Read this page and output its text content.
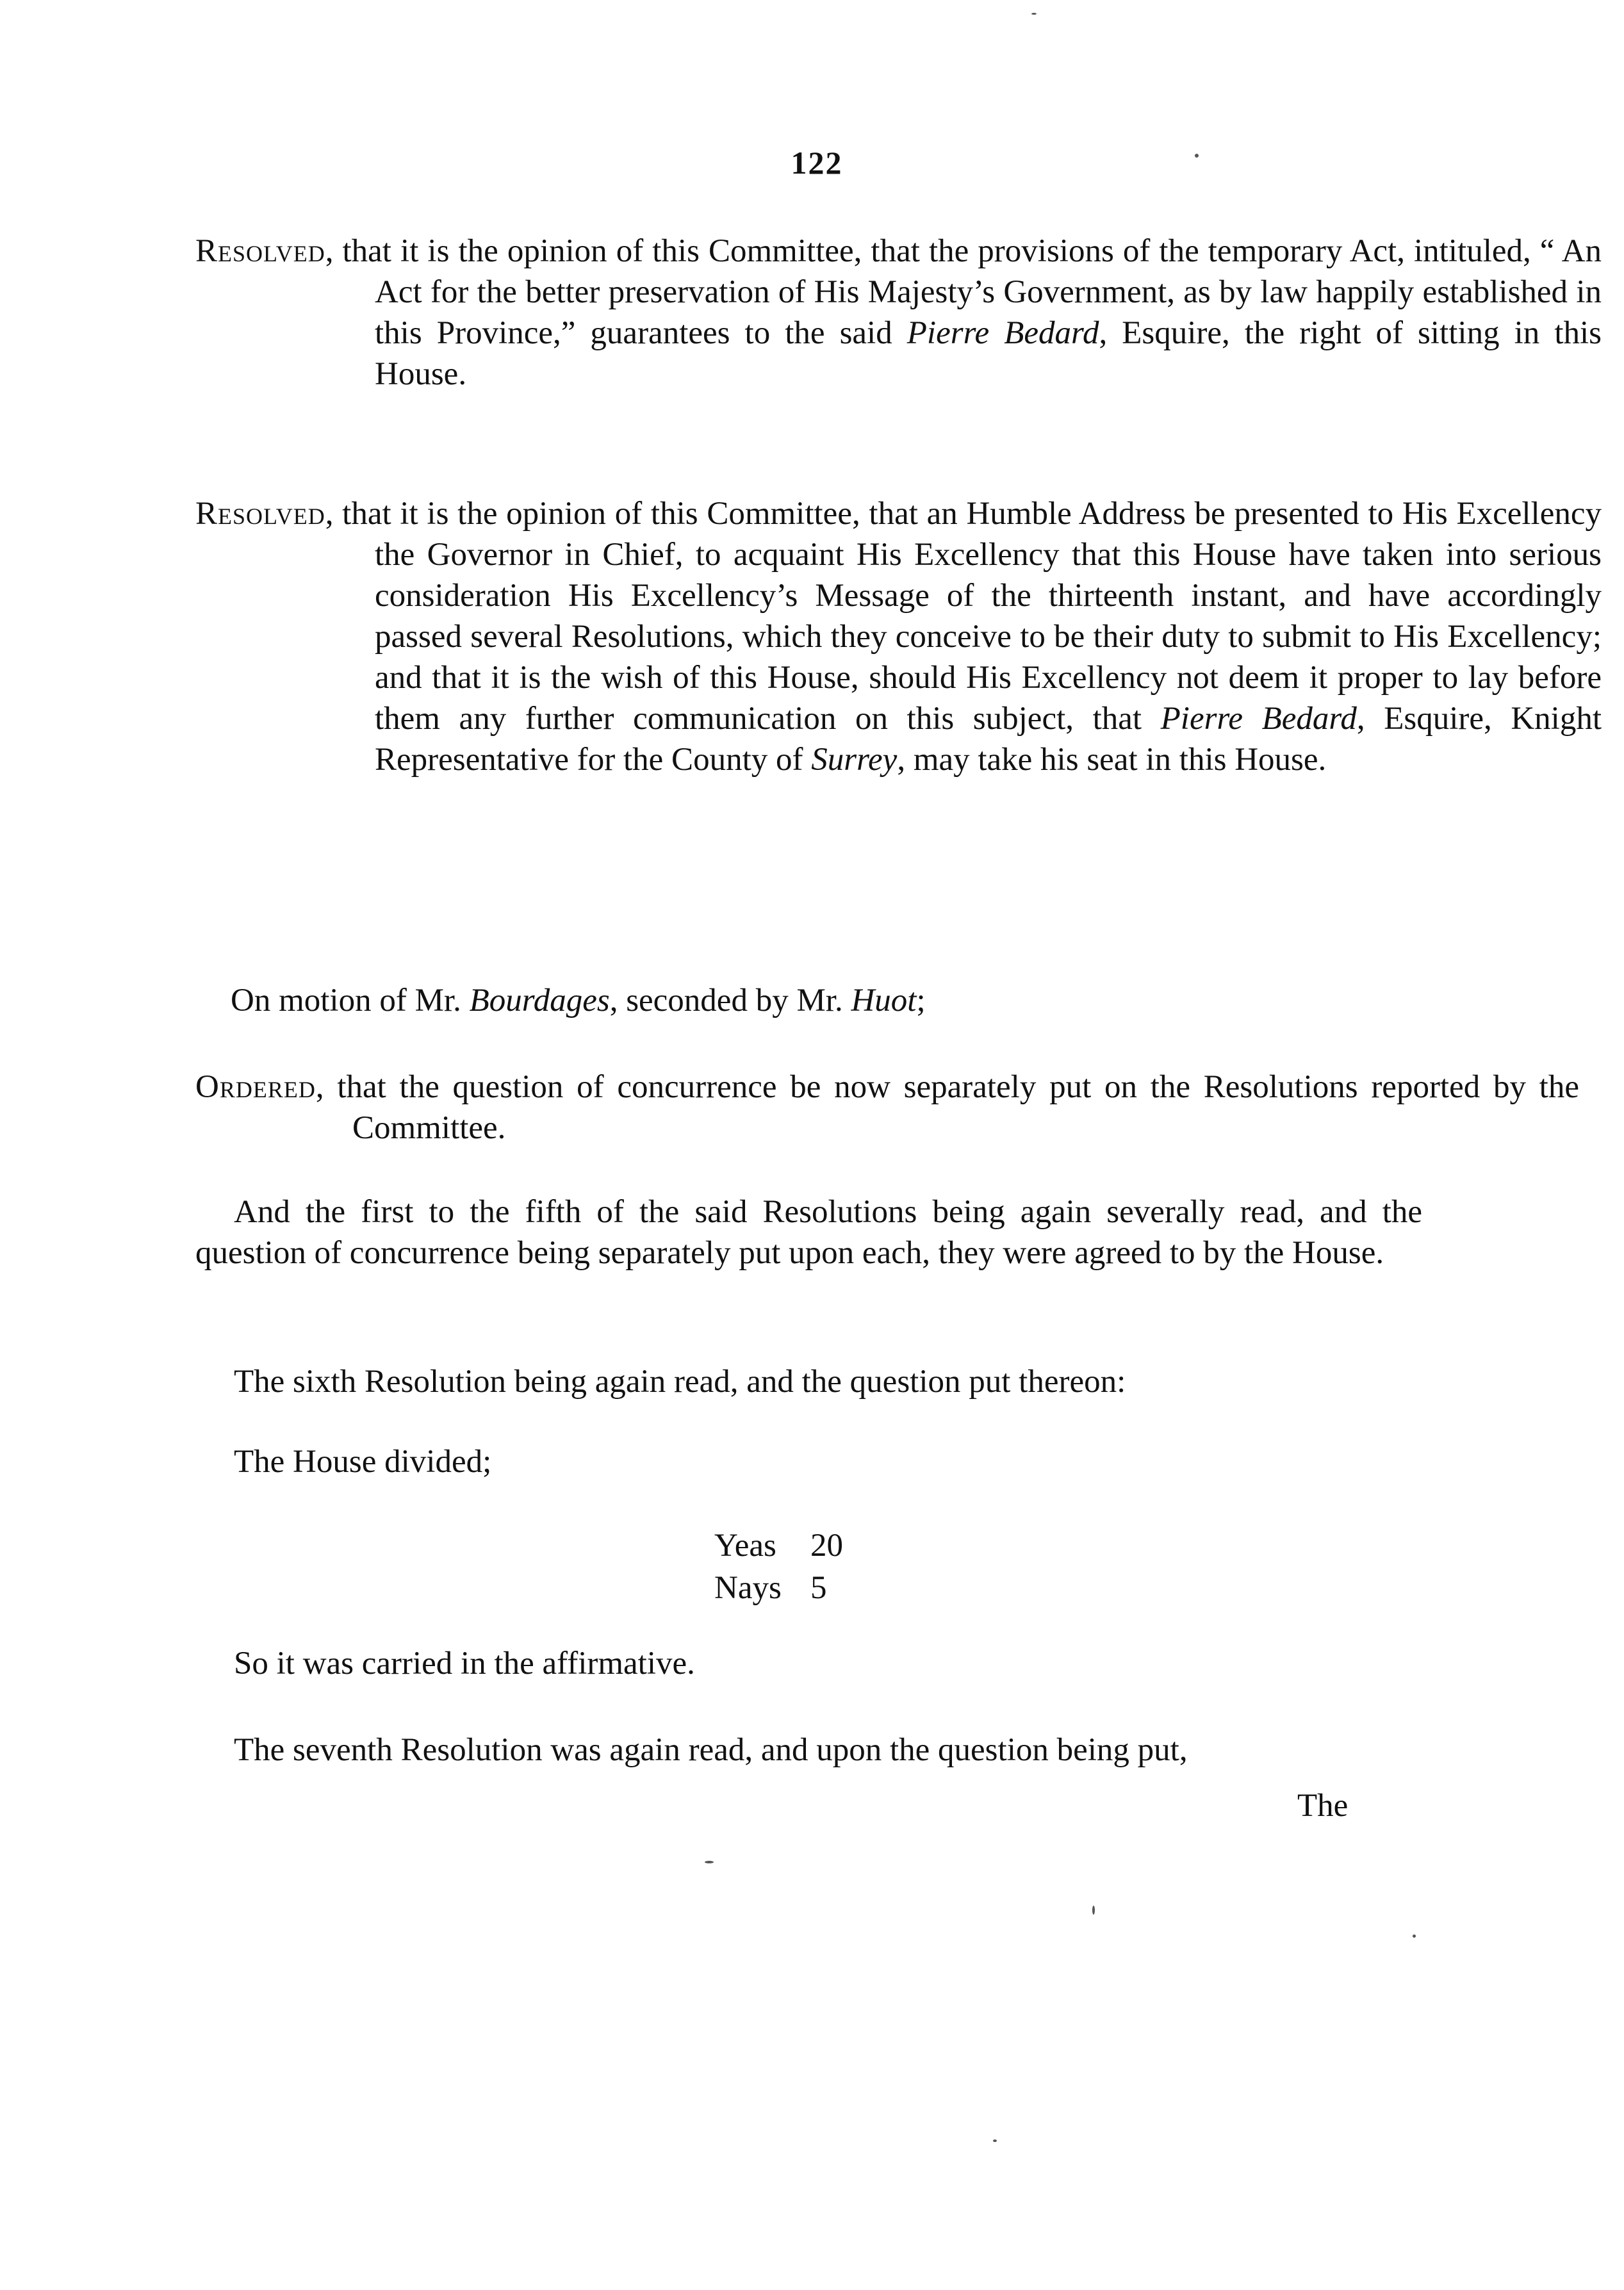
122
Resolved, that it is the opinion of this Committee, that the provisions of the temporary Act, intituled, “ An Act for the better preservation of His Majesty’s Government, as by law happily established in this Province,” guarantees to the said Pierre Bedard, Esquire, the right of sitting in this House.
Resolved, that it is the opinion of this Committee, that an Humble Address be presented to His Excellency the Governor in Chief, to acquaint His Excellency that this House have taken into serious consideration His Excellency’s Message of the thirteenth instant, and have accordingly passed several Resolutions, which they conceive to be their duty to submit to His Excellency; and that it is the wish of this House, should His Excellency not deem it proper to lay before them any further communication on this subject, that Pierre Bedard, Esquire, Knight Representative for the County of Surrey, may take his seat in this House.
On motion of Mr. Bourdages, seconded by Mr. Huot;
Ordered, that the question of concurrence be now separately put on the Resolutions reported by the Committee.
And the first to the fifth of the said Resolutions being again severally read, and the question of concurrence being separately put upon each, they were agreed to by the House.
The sixth Resolution being again read, and the question put thereon:
The House divided;
Yeas 20
Nays 5
So it was carried in the affirmative.
The seventh Resolution was again read, and upon the question being put,
The
